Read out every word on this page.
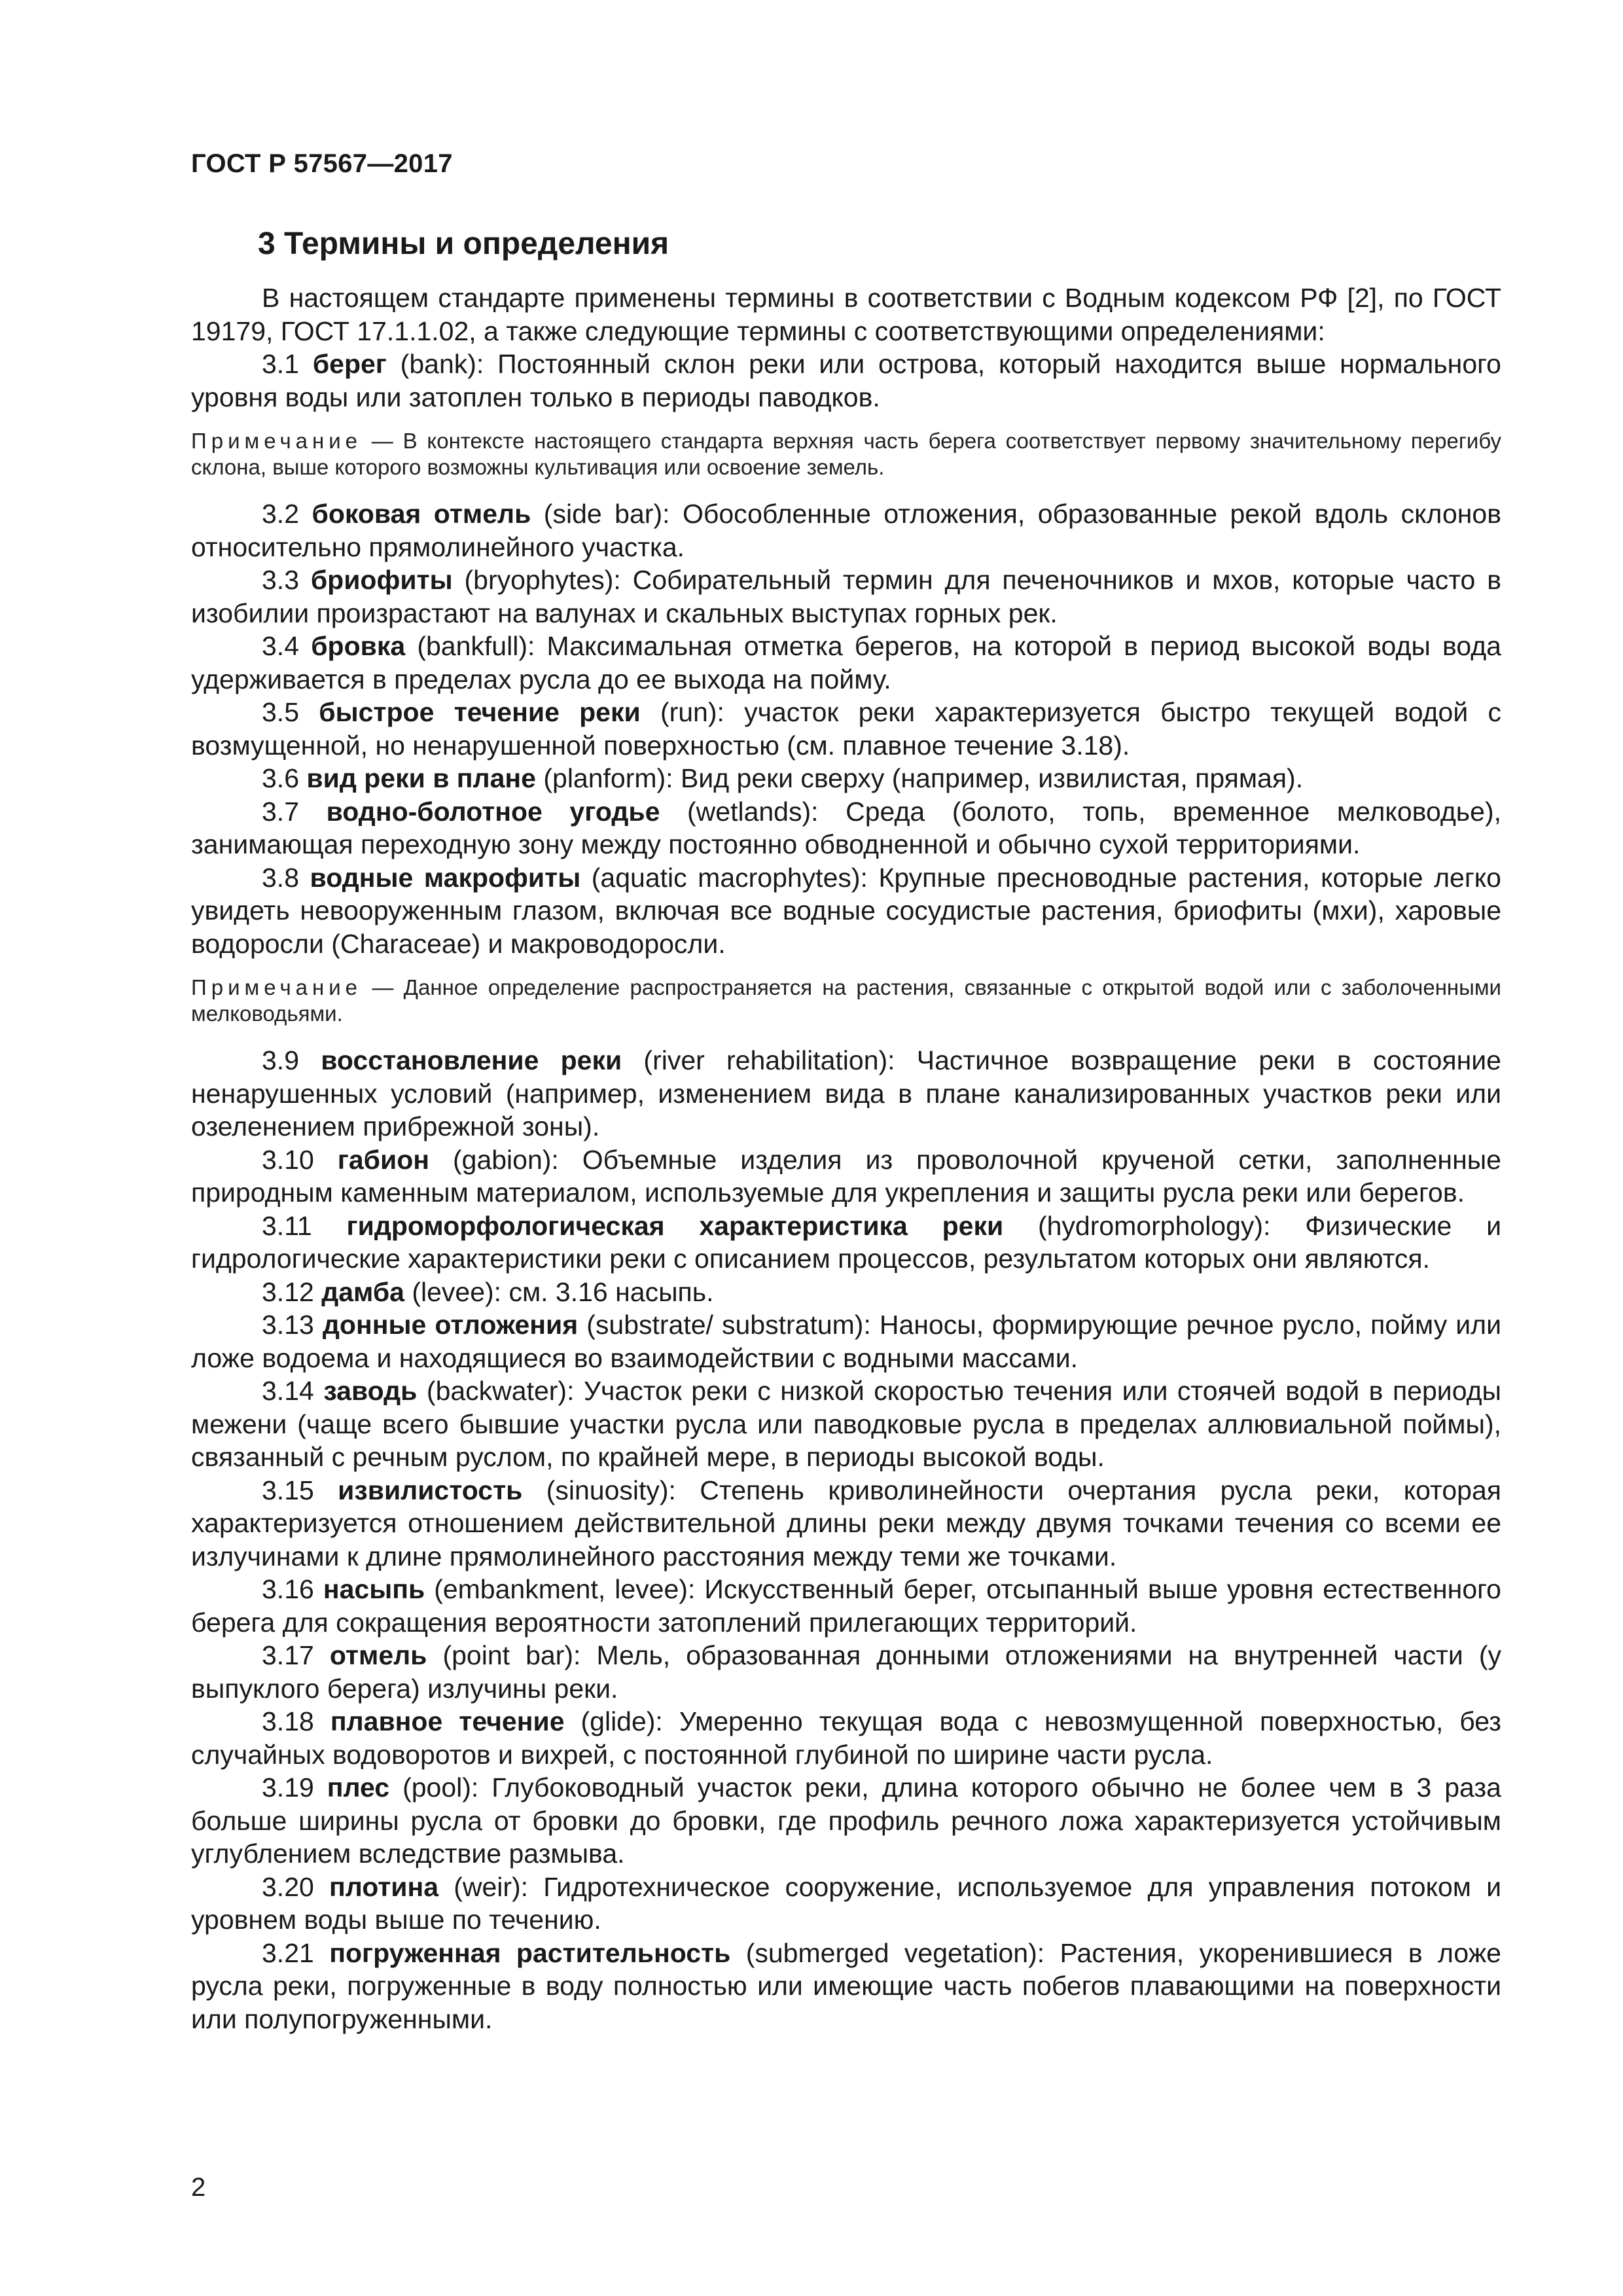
ГОСТ Р 57567—2017
3 Термины и определения

В настоящем стандарте применены термины в соответствии с Водным кодексом РФ [2], по ГОСТ 19179, ГОСТ 17.1.1.02, а также следующие термины с соответствующими определениями:

3.1 берег (bank): Постоянный склон реки или острова, который находится выше нормального уровня воды или затоплен только в периоды паводков.

Примечание — В контексте настоящего стандарта верхняя часть берега соответствует первому значительному перегибу склона, выше которого возможны культивация или освоение земель.

3.2 боковая отмель (side bar): Обособленные отложения, образованные рекой вдоль склонов относительно прямолинейного участка.

3.3 бриофиты (bryophytes): Собирательный термин для печеночников и мхов, которые часто в изобилии произрастают на валунах и скальных выступах горных рек.

3.4 бровка (bankfull): Максимальная отметка берегов, на которой в период высокой воды вода удерживается в пределах русла до ее выхода на пойму.

3.5 быстрое течение реки (run): участок реки характеризуется быстро текущей водой с возмущенной, но ненарушенной поверхностью (см. плавное течение 3.18).

3.6 вид реки в плане (planform): Вид реки сверху (например, извилистая, прямая).

3.7 водно-болотное угодье (wetlands): Среда (болото, топь, временное мелководье), занимающая переходную зону между постоянно обводненной и обычно сухой территориями.

3.8 водные макрофиты (aquatic macrophytes): Крупные пресноводные растения, которые легко увидеть невооруженным глазом, включая все водные сосудистые растения, бриофиты (мхи), харовые водоросли (Characeae) и макроводоросли.

Примечание — Данное определение распространяется на растения, связанные с открытой водой или с заболоченными мелководьями.

3.9 восстановление реки (river rehabilitation): Частичное возвращение реки в состояние ненарушенных условий (например, изменением вида в плане канализированных участков реки или озеленением прибрежной зоны).

3.10 габион (gabion): Объемные изделия из проволочной крученой сетки, заполненные природным каменным материалом, используемые для укрепления и защиты русла реки или берегов.

3.11 гидроморфологическая характеристика реки (hydromorphology): Физические и гидрологические характеристики реки с описанием процессов, результатом которых они являются.

3.12 дамба (levee): см. 3.16 насыпь.

3.13 донные отложения (substrate/ substratum): Наносы, формирующие речное русло, пойму или ложе водоема и находящиеся во взаимодействии с водными массами.

3.14 заводь (backwater): Участок реки с низкой скоростью течения или стоячей водой в периоды межени (чаще всего бывшие участки русла или паводковые русла в пределах аллювиальной поймы), связанный с речным руслом, по крайней мере, в периоды высокой воды.

3.15 извилистость (sinuosity): Степень криволинейности очертания русла реки, которая характеризуется отношением действительной длины реки между двумя точками течения со всеми ее излучинами к длине прямолинейного расстояния между теми же точками.

3.16 насыпь (embankment, levee): Искусственный берег, отсыпанный выше уровня естественного берега для сокращения вероятности затоплений прилегающих территорий.

3.17 отмель (point bar): Мель, образованная донными отложениями на внутренней части (у выпуклого берега) излучины реки.

3.18 плавное течение (glide): Умеренно текущая вода с невозмущенной поверхностью, без случайных водоворотов и вихрей, с постоянной глубиной по ширине части русла.

3.19 плес (pool): Глубоководный участок реки, длина которого обычно не более чем в 3 раза больше ширины русла от бровки до бровки, где профиль речного ложа характеризуется устойчивым углублением вследствие размыва.

3.20 плотина (weir): Гидротехническое сооружение, используемое для управления потоком и уровнем воды выше по течению.

3.21 погруженная растительность (submerged vegetation): Растения, укоренившиеся в ложе русла реки, погруженные в воду полностью или имеющие часть побегов плавающими на поверхности или полупогруженными.

2
